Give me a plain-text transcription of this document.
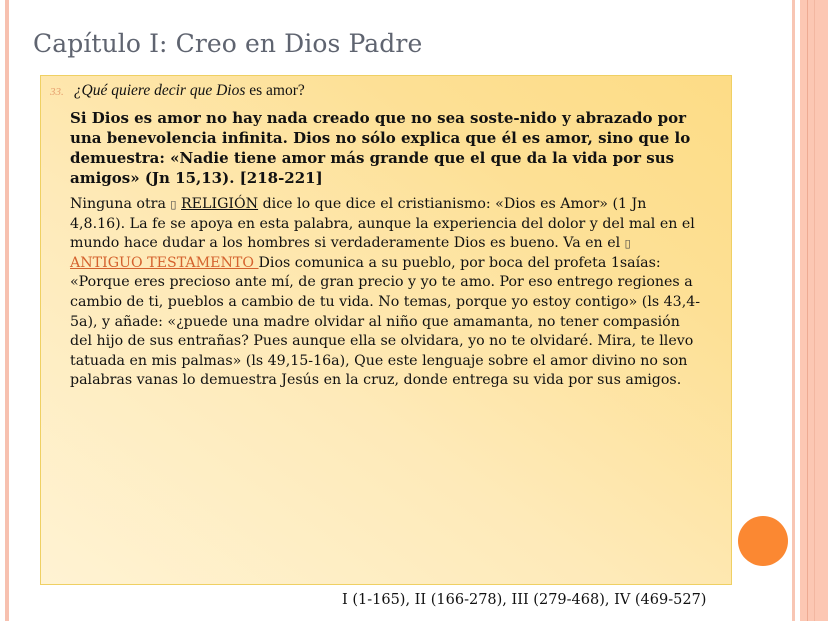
Capítulo I: Creo en Dios Padre
33. ¿Qué quiere decir que Dios es amor?
Si Dios es amor no hay nada creado que no sea soste-nido y abrazado por
una benevolencia infinita. Dios no sólo explica que él es amor, sino que lo
demuestra: «Nadie tiene amor más grande que el que da la vida por sus
amigos» (Jn 15,13). [218-221]
Ninguna otra ▯ RELIGIÓN dice lo que dice el cristianismo: «Dios es Amor» (1 Jn
4,8.16). La fe se apoya en esta palabra, aunque la experiencia del dolor y del mal en el
mundo hace dudar a los hombres si verdaderamente Dios es bueno. Va en el ▯
ANTIGUO TESTAMENTO Dios comunica a su pueblo, por boca del profeta 1saías:
«Porque eres precioso ante mí, de gran precio y yo te amo. Por eso entrego regiones a
cambio de ti, pueblos a cambio de tu vida. No temas, porque yo estoy contigo» (ls 43,4-
5a), y añade: «¿puede una madre olvidar al niño que amamanta, no tener compasión
del hijo de sus entrañas? Pues aunque ella se olvidara, yo no te olvidaré. Mira, te llevo
tatuada en mis palmas» (ls 49,15-16a), Que este lenguaje sobre el amor divino no son
palabras vanas lo demuestra Jesús en la cruz, donde entrega su vida por sus amigos.
I (1-165), II (166-278), III (279-468), IV (469-527)
